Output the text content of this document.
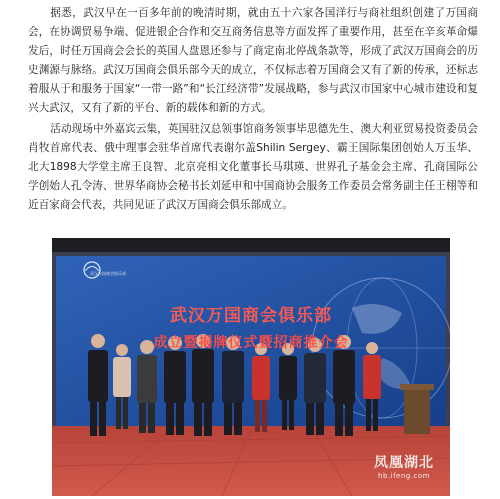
据悉，武汉早在一百多年前的晚清时期，就由五十六家各国洋行与商社组织创建了万国商会，在协调贸易争端、促进银企合作和交互商务信息等方面发挥了重要作用，甚至在辛亥革命爆发后，时任万国商会会长的英国人盘恩还参与了商定南北停战条款等，形成了武汉万国商会的历史渊源与脉络。武汉万国商会俱乐部今天的成立，不仅标志着万国商会又有了新的传承，还标志着服从于和服务于国家“一带一路”和“长江经济带”发展战略，参与武汉市国家中心城市建设和复兴大武汉，又有了新的平台、新的载体和新的方式。

活动现场中外嘉宾云集，英国驻汉总领事馆商务领事毕思德先生、澳大利亚贸易投资委员会肖牧首席代表、俄中理事会驻华首席代表谢尔盖Shilin Sergey、霸王国际集团创始人万玉华、北大1898大学堂主席王良智、北京亮相文化董事长马琪瑛、世界孔子基金会主席、孔商国际公学创始人孔令涛、世界华商协会秘书长刘延申和中国商协会服务工作委员会常务副主任王栩等和近百家商会代表，共同见证了武汉万国商会俱乐部成立。

武汉万国商会俱乐部
武汉万国商会俱乐部
成立暨揭牌仪式暨招商推介会
凤凰湖北
hb.ifeng.com
